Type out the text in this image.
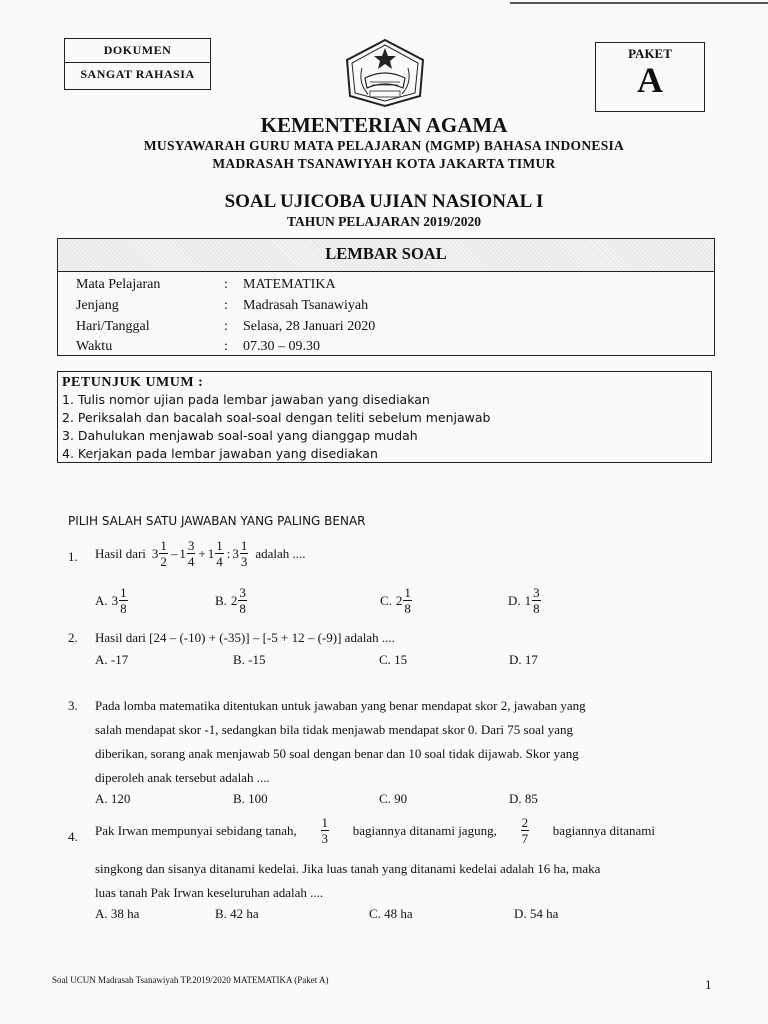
DOKUMEN
SANGAT RAHASIA
PAKET
A
KEMENTERIAN AGAMA
MUSYAWARAH GURU MATA PELAJARAN (MGMP) BAHASA INDONESIA
MADRASAH TSANAWIYAH KOTA JAKARTA TIMUR
SOAL UJICOBA UJIAN NASIONAL I
TAHUN PELAJARAN 2019/2020
LEMBAR SOAL
Mata Pelajaran	: MATEMATIKA
Jenjang	: Madrasah Tsanawiyah
Hari/Tanggal	: Selasa, 28 Januari 2020
Waktu	: 07.30 – 09.30
PETUNJUK UMUM :
1. Tulis nomor ujian pada lembar jawaban yang disediakan
2. Periksalah dan bacalah soal-soal dengan teliti sebelum menjawab
3. Dahulukan menjawab soal-soal yang dianggap mudah
4. Kerjakan pada lembar jawaban yang disediakan
PILIH SALAH SATU JAWABAN YANG PALING BENAR
1. Hasil dari $3 \frac{1}{2} - 1 \frac{3}{4} + 1 \frac{1}{4}$ : $3 \frac{1}{3}$ adalah ....
A. $3 \frac{1}{8}$	B. $2 \frac{3}{8}$	C. $2 \frac{1}{8}$	D. $1 \frac{3}{8}$
2. Hasil dari [24 – (-10) + (-35)] – [-5 + 12 – (-9)] adalah ....
A. -17	B. -15	C. 15	D. 17
3. Pada lomba matematika ditentukan untuk jawaban yang benar mendapat skor 2, jawaban yang
salah mendapat skor -1, sedangkan bila tidak menjawab mendapat skor 0. Dari 75 soal yang
diberikan, sorang anak menjawab 50 soal dengan benar dan 10 soal tidak dijawab. Skor yang
diperoleh anak tersebut adalah ....
A. 120	B. 100	C. 90	D. 85
4. Pak Irwan mempunyai sebidang tanah, $\frac{1}{3}$ bagiannya ditanami jagung, $\frac{2}{7}$ bagiannya ditanami
singkong dan sisanya ditanami kedelai. Jika luas tanah yang ditanami kedelai adalah 16 ha, maka
luas tanah Pak Irwan keseluruhan adalah ....
A. 38 ha	B. 42 ha	C. 48 ha	D. 54 ha
Soal UCUN Madrasah Tsanawiyah TP.2019/2020 MATEMATIKA (Paket A)	1
